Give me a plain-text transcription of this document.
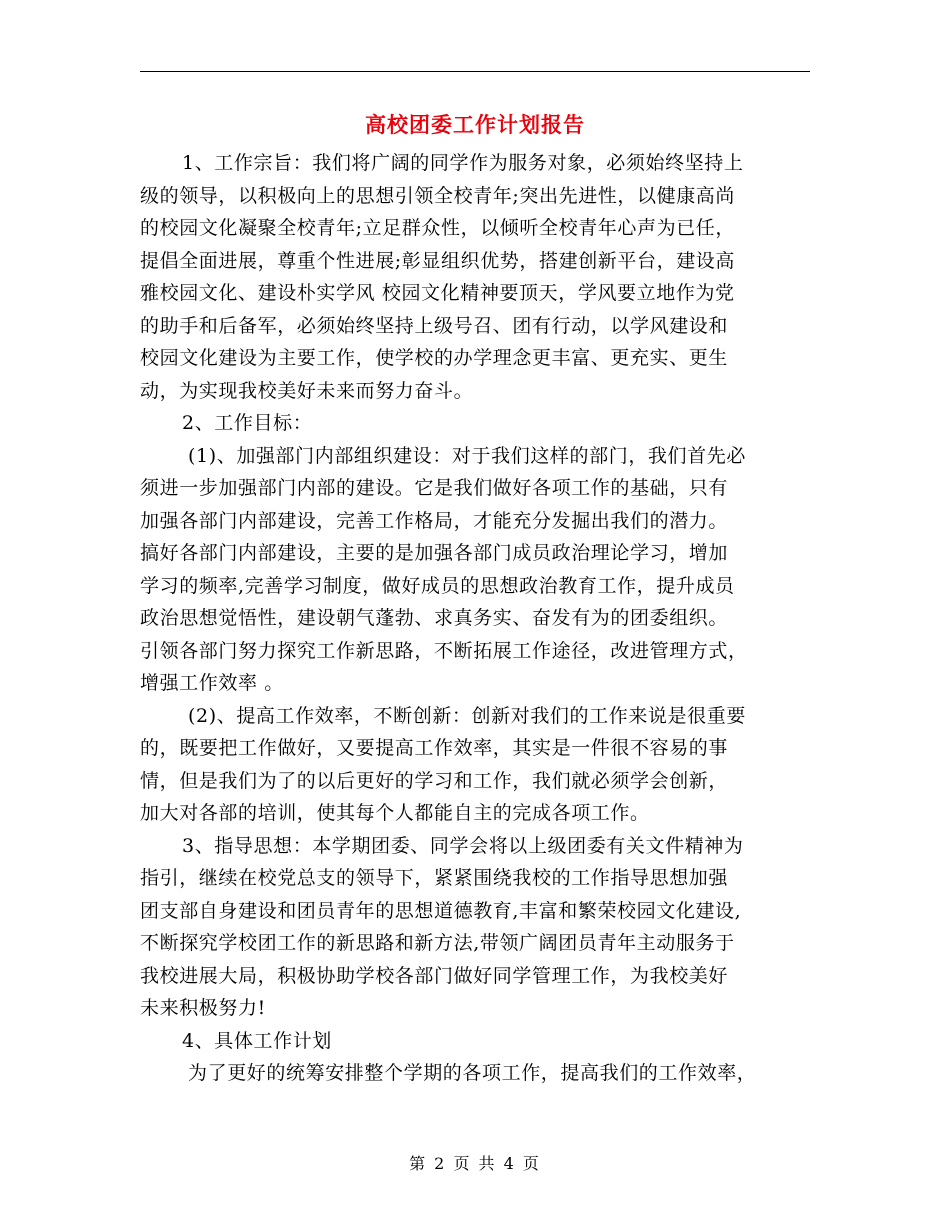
高校团委工作计划报告
1、工作宗旨：我们将广阔的同学作为服务对象，必须始终坚持上
级的领导，以积极向上的思想引领全校青年;突出先进性，以健康高尚
的校园文化凝聚全校青年;立足群众性，以倾听全校青年心声为已任，
提倡全面进展，尊重个性进展;彰显组织优势，搭建创新平台，建设高
雅校园文化、建设朴实学风 校园文化精神要顶天，学风要立地作为党
的助手和后备军，必须始终坚持上级号召、团有行动，以学风建设和
校园文化建设为主要工作，使学校的办学理念更丰富、更充实、更生
动，为实现我校美好未来而努力奋斗。
2、工作目标：
(1)、加强部门内部组织建设：对于我们这样的部门，我们首先必
须进一步加强部门内部的建设。它是我们做好各项工作的基础，只有
加强各部门内部建设，完善工作格局，才能充分发掘出我们的潜力。
搞好各部门内部建设，主要的是加强各部门成员政治理论学习，增加
学习的频率,完善学习制度，做好成员的思想政治教育工作，提升成员
政治思想觉悟性，建设朝气蓬勃、求真务实、奋发有为的团委组织。
引领各部门努力探究工作新思路，不断拓展工作途径，改进管理方式，
增强工作效率 。
(2)、提高工作效率，不断创新：创新对我们的工作来说是很重要
的，既要把工作做好，又要提高工作效率，其实是一件很不容易的事
情，但是我们为了的以后更好的学习和工作，我们就必须学会创新，
加大对各部的培训，使其每个人都能自主的完成各项工作。
3、指导思想：本学期团委、同学会将以上级团委有关文件精神为
指引，继续在校党总支的领导下，紧紧围绕我校的工作指导思想加强
团支部自身建设和团员青年的思想道德教育,丰富和繁荣校园文化建设,
不断探究学校团工作的新思路和新方法,带领广阔团员青年主动服务于
我校进展大局，积极协助学校各部门做好同学管理工作，为我校美好
未来积极努力!
4、具体工作计划
为了更好的统筹安排整个学期的各项工作，提高我们的工作效率，
第 2 页 共 4 页
